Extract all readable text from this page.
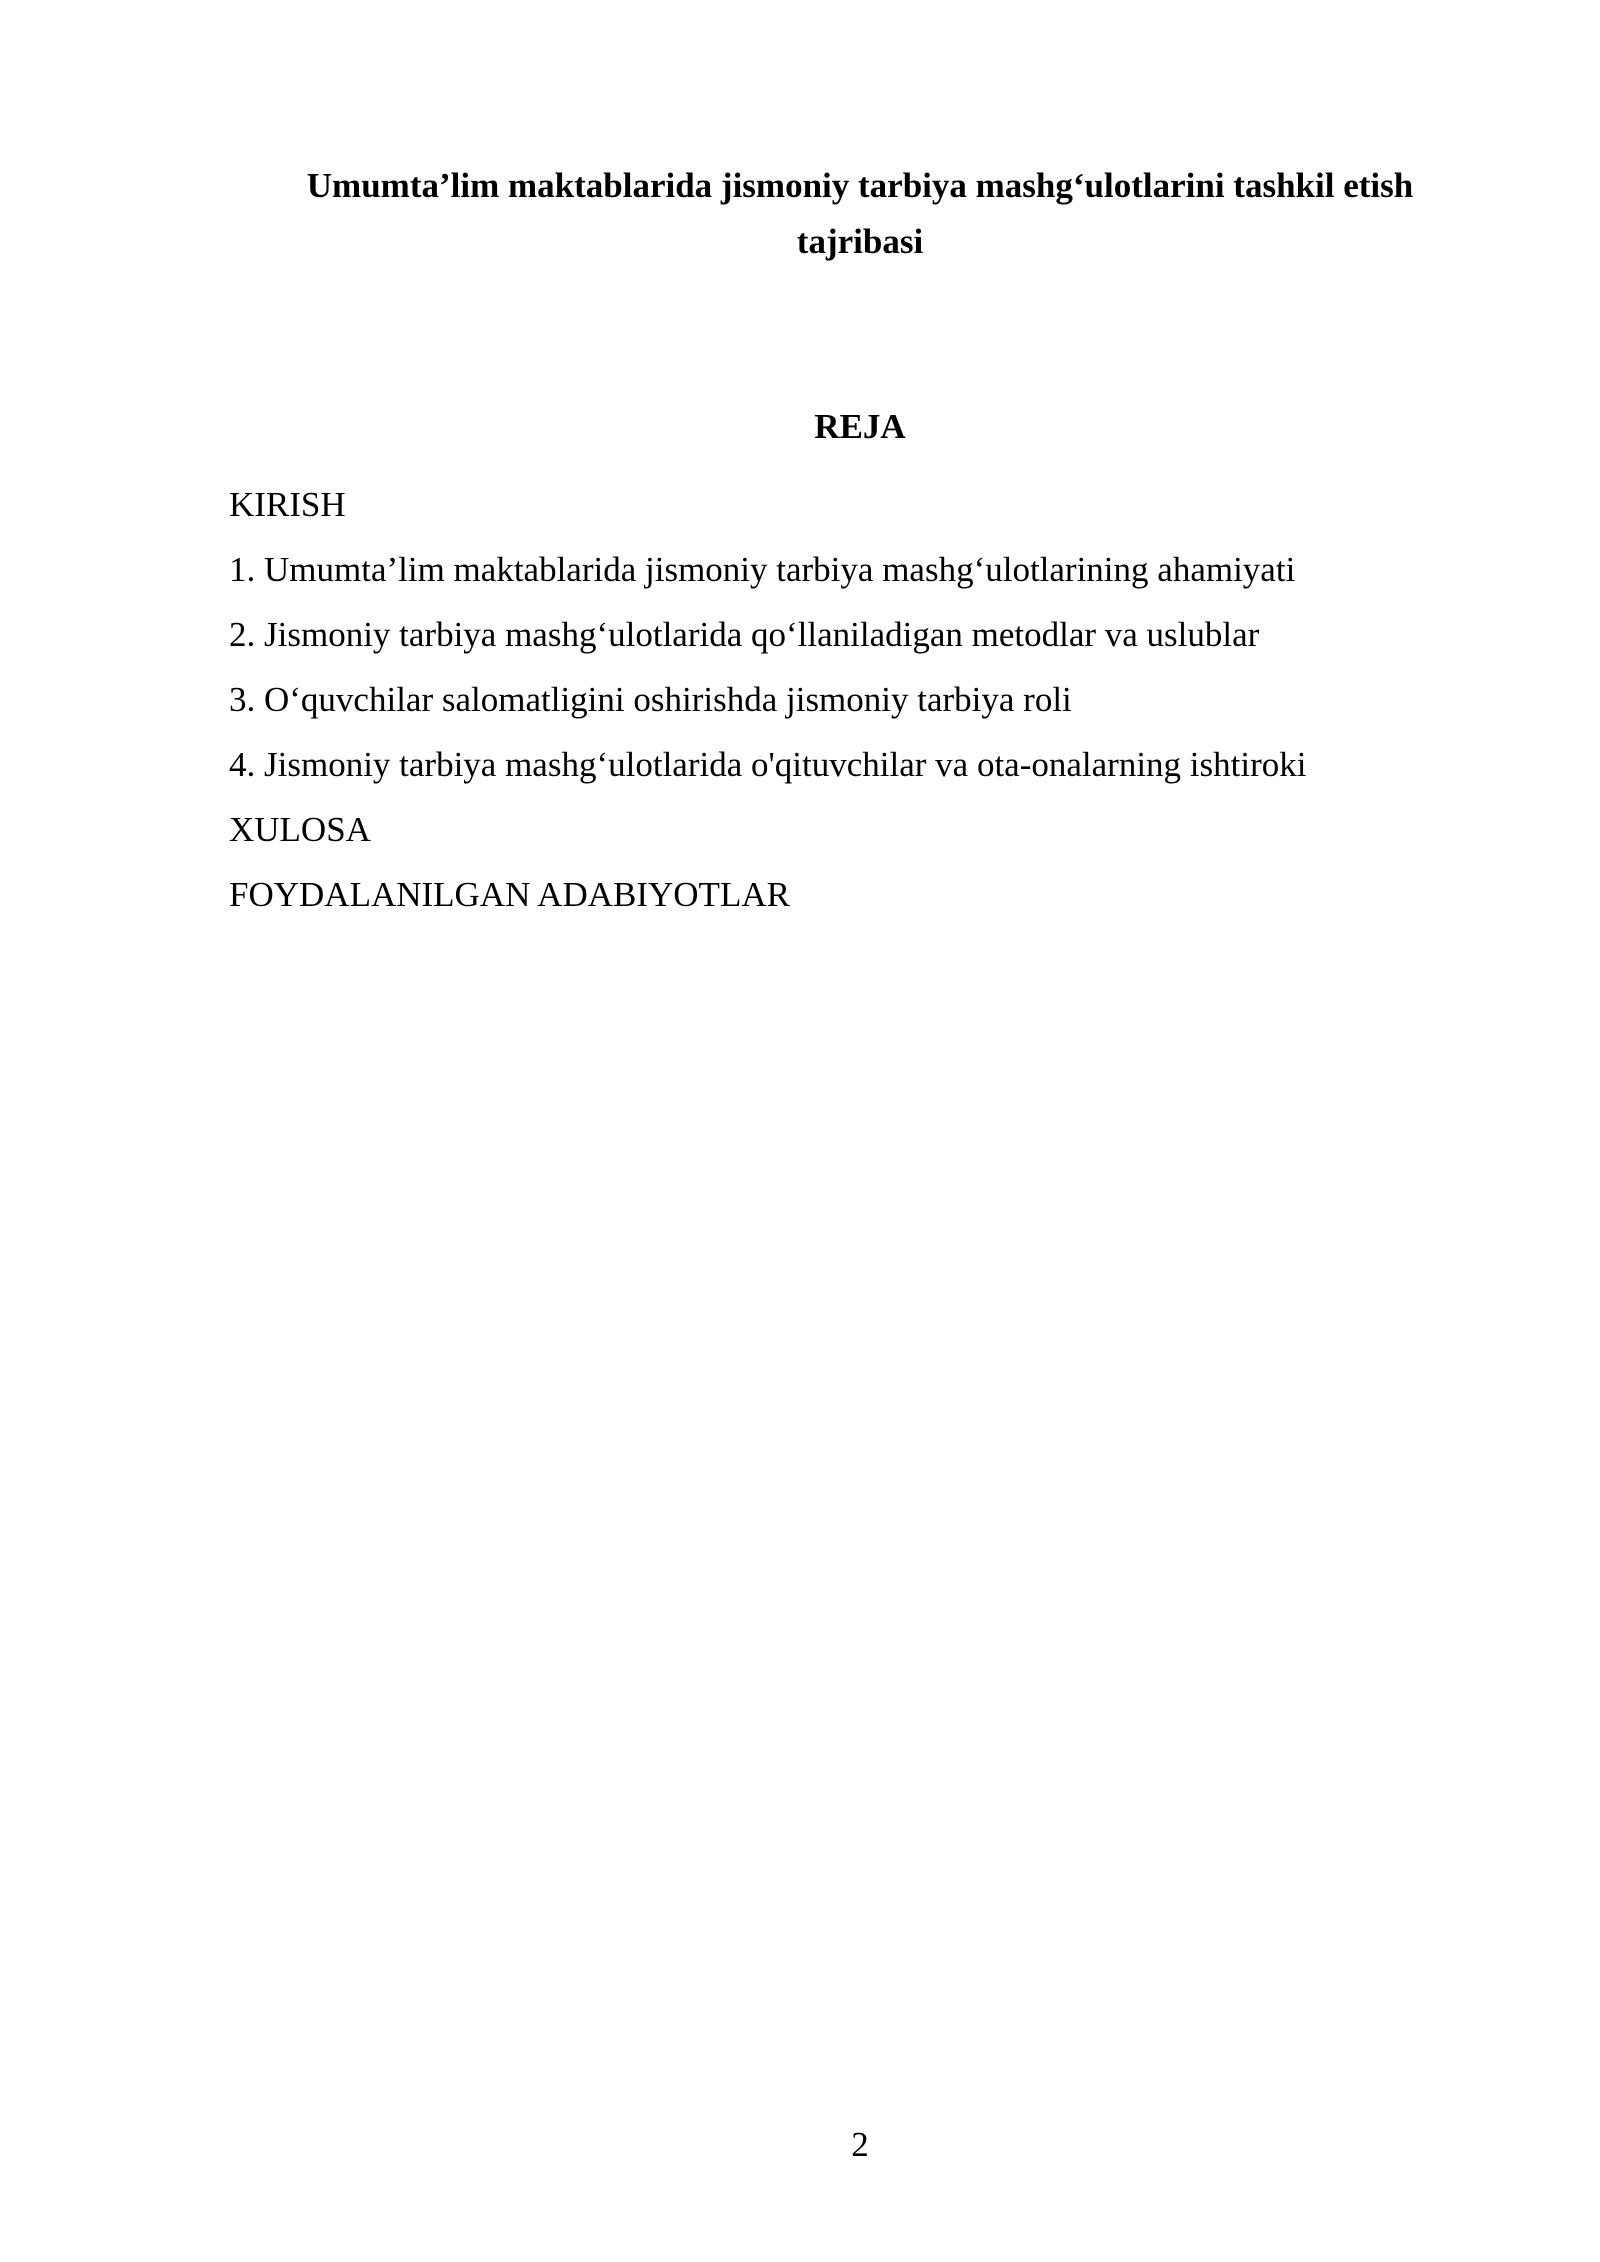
Umumta’lim maktablarida jismoniy tarbiya mashg‘ulotlarini tashkil etish
tajribasi
REJA
KIRISH
1. Umumta’lim maktablarida jismoniy tarbiya mashg‘ulotlarining ahamiyati
2. Jismoniy tarbiya mashg‘ulotlarida qo‘llaniladigan metodlar va uslublar
3. O‘quvchilar salomatligini oshirishda jismoniy tarbiya roli
4. Jismoniy tarbiya mashg‘ulotlarida o'qituvchilar va ota-onalarning ishtiroki
XULOSA
FOYDALANILGAN ADABIYOTLAR
2
